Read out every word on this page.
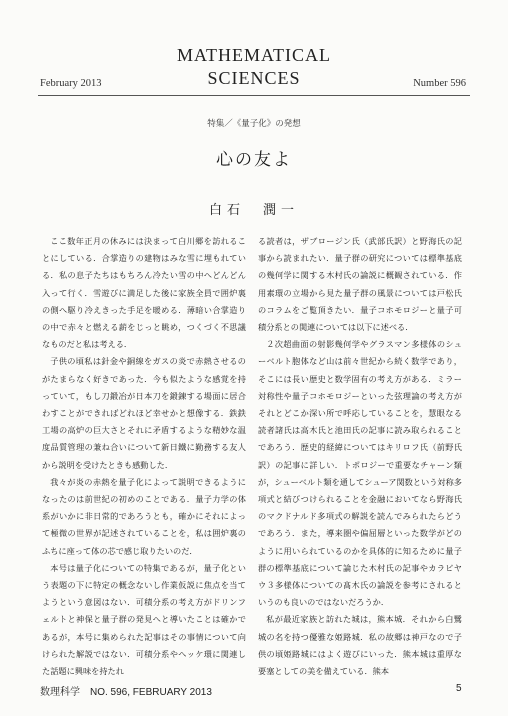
MATHEMATICAL
SCIENCES
February 2013	Number 596
特集／《量子化》の発想
心の友よ
白石　潤一

ここ数年正月の休みには決まって白川郷を訪れることにしている．合掌造りの建物はみな雪に埋もれている．私の息子たちはもちろん冷たい雪の中へどんどん入って行く．雪遊びに満足した後に家族全員で囲炉裏の側へ駆り冷えきった手足を暖める．薄暗い合掌造りの中で赤々と燃える薪をじっと眺め，つくづく不思議なものだと私は考える．

子供の頃私は針金や銅線をガスの炎で赤熱させるのがたまらなく好きであった．今も似たような感覚を持っていて，もし刀鍛冶が日本刀を鍛錬する場面に居合わすことができればどれほど幸せかと想像する．鉄鉄工場の高炉の巨大さとそれに矛盾するような精妙な温度品質管理の兼ね合いについて新日鐵に勤務する友人から説明を受けたときも感動した．

我々が炎の赤熱を量子化によって説明できるようになったのは前世紀の初めのことである．量子力学の体系がいかに非日常的であろうとも，確かにそれによって極微の世界が記述されていることを，私は囲炉裏のふちに座って体の芯で感じ取りたいのだ．

本号は量子化についての特集であるが，量子化という表題の下に特定の概念ないし作業仮説に焦点を当てようという意図はない．可積分系の考え方がドリンフェルトと神保と量子群の発見へと導いたことは確かであるが，本号に集められた記事はその事情について向けられた解説ではない．可積分系やヘッケ環に関連した話題に興味を持たれ

る読者は，ザブロージン氏（武部氏訳）と野海氏の記事から読まれたい．量子群の研究については標準基底の幾何学に関する木村氏の論説に概観されている．作用素環の立場から見た量子群の風景については戸松氏のコラムをご覧頂きたい．量子コホモロジーと量子可積分系との関連については以下に述べる．

２次超曲面の射影幾何学やグラスマン多様体のシューベルト胞体など山は前々世紀から続く数学であり，そこには長い歴史と数学固有の考え方がある．ミラー対称性や量子コホモロジーといった弦理論の考え方がそれとどこか深い所で呼応していることを，慧眼なる読者諸氏は高木氏と池田氏の記事に読み取られることであろう．歴史的経緯についてはキリロフ氏（前野氏訳）の記事に詳しい．トポロジーで重要なチャーン類が，シューベルト類を通してシューア関数という対称多項式と結びつけられることを金融においてなら野海氏のマクドナルド多項式の解説を読んでみられたらどうであろう．また，導来圏や偏屈層といった数学がどのように用いられているのかを具体的に知るために量子群の標準基底について論じた木村氏の記事やカラビヤウ３多様体についての髙木氏の論説を参考にされるというのも良いのではないだろうか．

私が最近家族と訪れた城は，熊本城．それから白鷺城の名を持つ優雅な姫路城．私の故郷は神戸なので子供の頃姫路城にはよく遊びにいった．熊本城は重厚な要塞としての美を備えている．熊本

数理科学　NO. 596, FEBRUARY 2013	5
